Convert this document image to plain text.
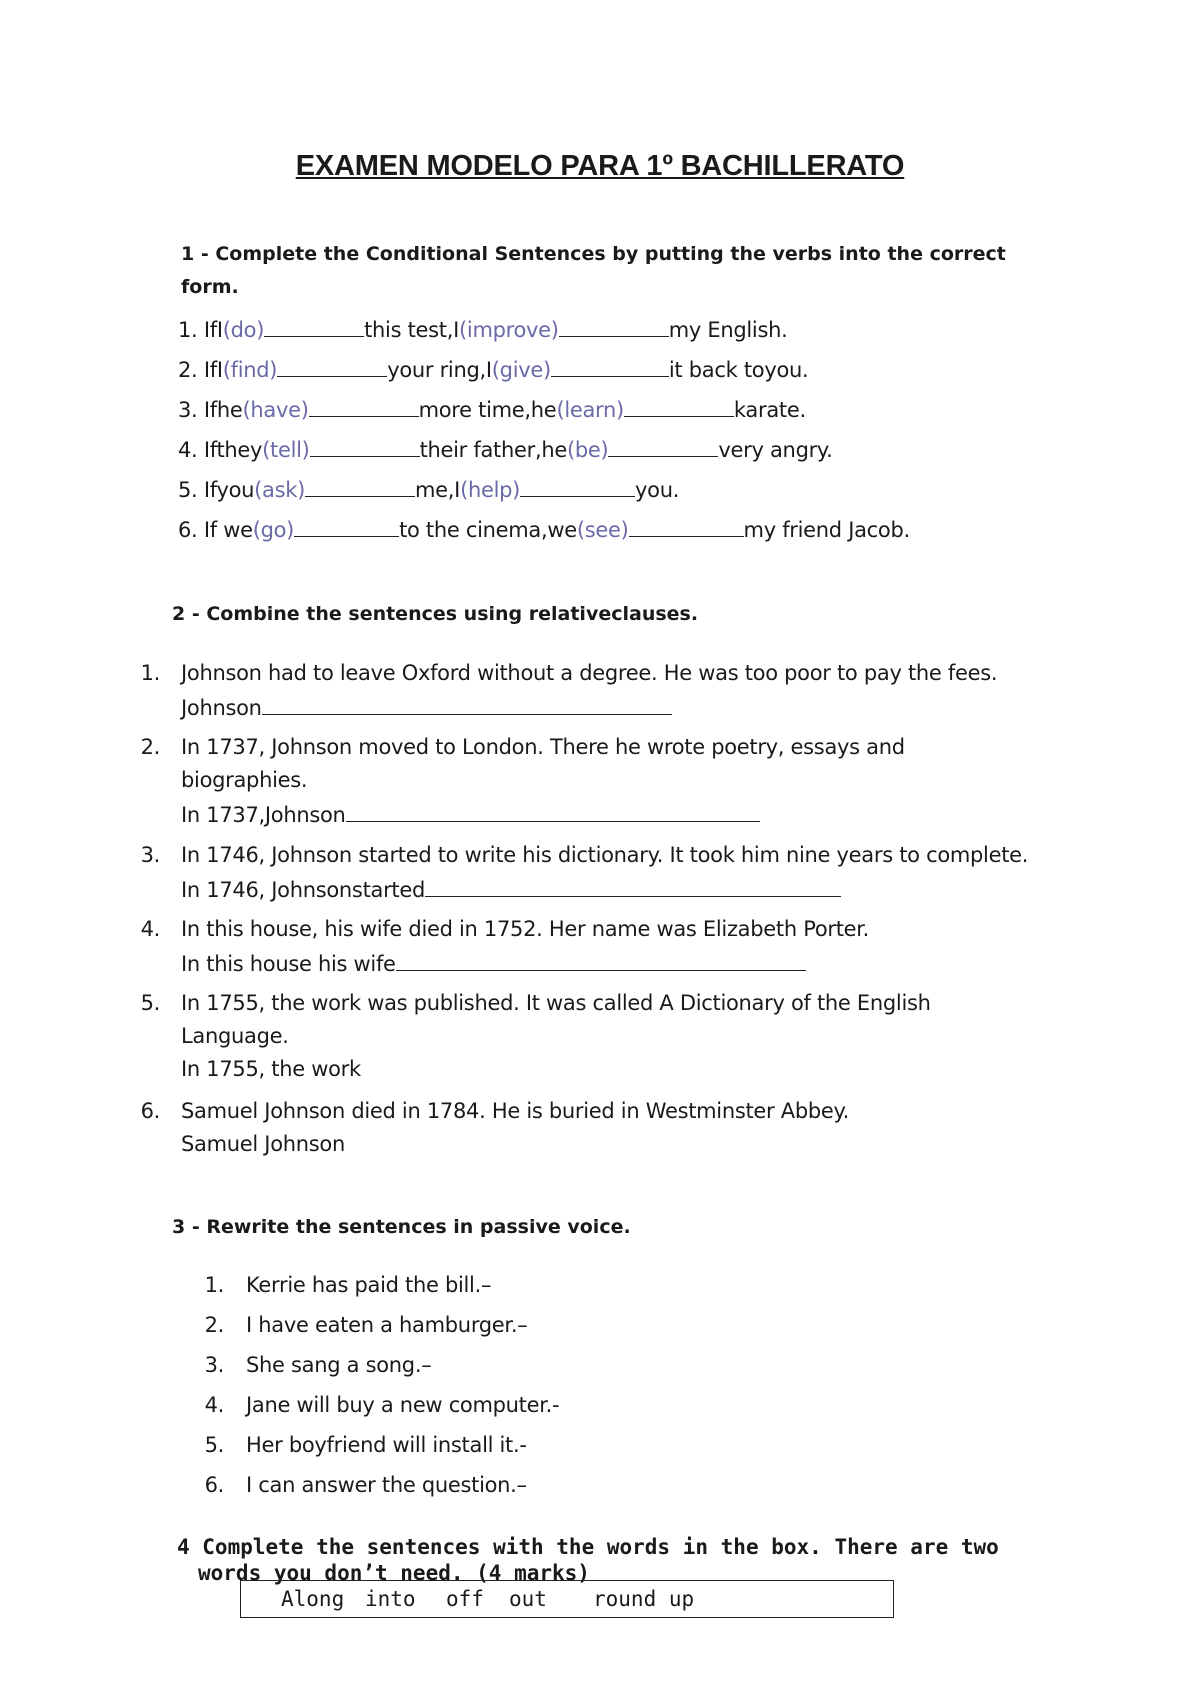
EXAMEN MODELO PARA 1º BACHILLERATO
1 - Complete the Conditional Sentences by putting the verbs into the correct
form.
1. IfI(do)	this test,I(improve)	my English.
2. IfI(find)	your ring,I(give)	it back toyou.
3. Ifhe(have)	more time,he(learn)	karate.
4. Ifthey(tell)	their father,he(be)	very angry.
5. Ifyou(ask)	me,I(help)	you.
6. If we(go)	to the cinema,we(see)	my friend Jacob.
2 - Combine the sentences using relativeclauses.
1. Johnson had to leave Oxford without a degree. He was too poor to pay the fees.
Johnson
2. In 1737, Johnson moved to London. There he wrote poetry, essays and
biographies.
In 1737,Johnson
3. In 1746, Johnson started to write his dictionary. It took him nine years to complete.
In 1746, Johnsonstarted
4. In this house, his wife died in 1752. Her name was Elizabeth Porter.
In this house his wife
5. In 1755, the work was published. It was called A Dictionary of the English
Language.
In 1755, the work
6. Samuel Johnson died in 1784. He is buried in Westminster Abbey.
Samuel Johnson
3 - Rewrite the sentences in passive voice.
1. Kerrie has paid the bill.–
2. I have eaten a hamburger.–
3. She sang a song.–
4. Jane will buy a new computer.-
5. Her boyfriend will install it.-
6. I can answer the question.–
4 Complete the sentences with the words in the box. There are two
words you don’t need. (4 marks)
Along into off out round up
